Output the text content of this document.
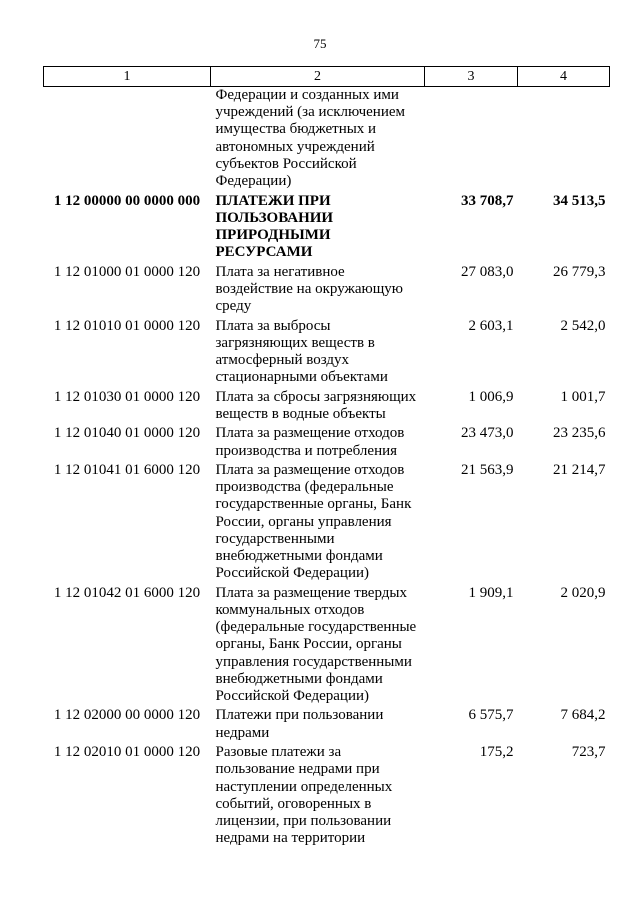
75
1	2	3	4
	Федерации и созданных ими учреждений (за исключением имущества бюджетных и автономных учреждений субъектов Российской Федерации)		
1 12 00000 00 0000 000	ПЛАТЕЖИ ПРИ ПОЛЬЗОВАНИИ ПРИРОДНЫМИ РЕСУРСАМИ	33 708,7	34 513,5
1 12 01000 01 0000 120	Плата за негативное воздействие на окружающую среду	27 083,0	26 779,3
1 12 01010 01 0000 120	Плата за выбросы загрязняющих веществ в атмосферный воздух стационарными объектами	2 603,1	2 542,0
1 12 01030 01 0000 120	Плата за сбросы загрязняющих веществ в водные объекты	1 006,9	1 001,7
1 12 01040 01 0000 120	Плата за размещение отходов производства и потребления	23 473,0	23 235,6
1 12 01041 01 6000 120	Плата за размещение отходов производства (федеральные государственные органы, Банк России, органы управления государственными внебюджетными фондами Российской Федерации)	21 563,9	21 214,7
1 12 01042 01 6000 120	Плата за размещение твердых коммунальных отходов (федеральные государственные органы, Банк России, органы управления государственными внебюджетными фондами Российской Федерации)	1 909,1	2 020,9
1 12 02000 00 0000 120	Платежи при пользовании недрами	6 575,7	7 684,2
1 12 02010 01 0000 120	Разовые платежи за пользование недрами при наступлении определенных событий, оговоренных в лицензии, при пользовании недрами на территории	175,2	723,7
